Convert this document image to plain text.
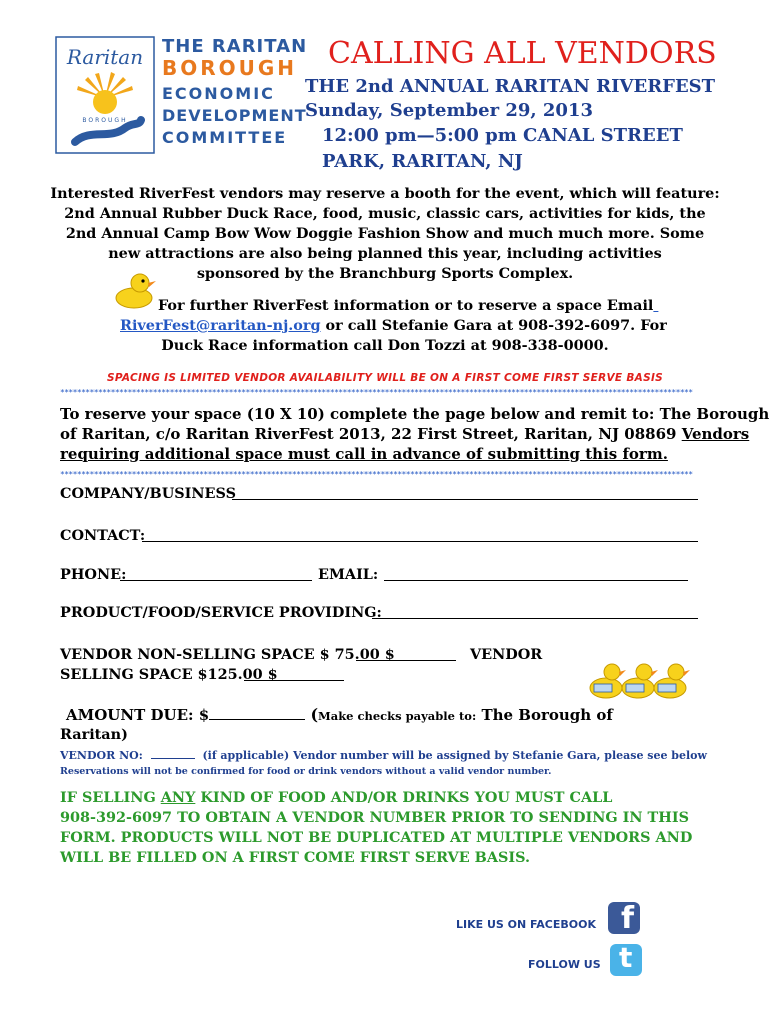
Raritan
BOROUGH
THE RARITAN
BOROUGH
ECONOMIC
DEVELOPMENT
COMMITTEE
CALLING ALL VENDORS
THE 2nd ANNUAL RARITAN RIVERFEST
Sunday, September 29, 2013
12:00 pm—5:00 pm CANAL STREET
PARK, RARITAN, NJ
Interested RiverFest vendors may reserve a booth for the event, which will feature:
2nd Annual Rubber Duck Race, food, music, classic cars, activities for kids, the
2nd Annual Camp Bow Wow Doggie Fashion Show and much much more. Some
new attractions are also being planned this year, including activities
sponsored by the Branchburg Sports Complex.
For further RiverFest information or to reserve a space Email
RiverFest@raritan-nj.org or call Stefanie Gara at 908-392-6097. For
Duck Race information call Don Tozzi at 908-338-0000.
SPACING IS LIMITED VENDOR AVAILABILITY WILL BE ON A FIRST COME FIRST SERVE BASIS
******************************************************************************************************************************************************
To reserve your space (10 X 10) complete the page below and remit to: The Borough
of Raritan, c/o Raritan RiverFest 2013, 22 First Street, Raritan, NJ 08869 Vendors
requiring additional space must call in advance of submitting this form.
******************************************************************************************************************************************************
COMPANY/BUSINESS
CONTACT:
PHONE:	EMAIL:
PRODUCT/FOOD/SERVICE PROVIDING:
VENDOR NON-SELLING SPACE $ 75.00 $	VENDOR
SELLING SPACE $125.00 $
AMOUNT DUE: $	(Make checks payable to: The Borough of
Raritan)
VENDOR NO:	(if applicable) Vendor number will be assigned by Stefanie Gara, please see below
Reservations will not be confirmed for food or drink vendors without a valid vendor number.
IF SELLING ANY KIND OF FOOD AND/OR DRINKS YOU MUST CALL
908-392-6097 TO OBTAIN A VENDOR NUMBER PRIOR TO SENDING IN THIS
FORM. PRODUCTS WILL NOT BE DUPLICATED AT MULTIPLE VENDORS AND
WILL BE FILLED ON A FIRST COME FIRST SERVE BASIS.
LIKE US ON FACEBOOK f
FOLLOW US t
